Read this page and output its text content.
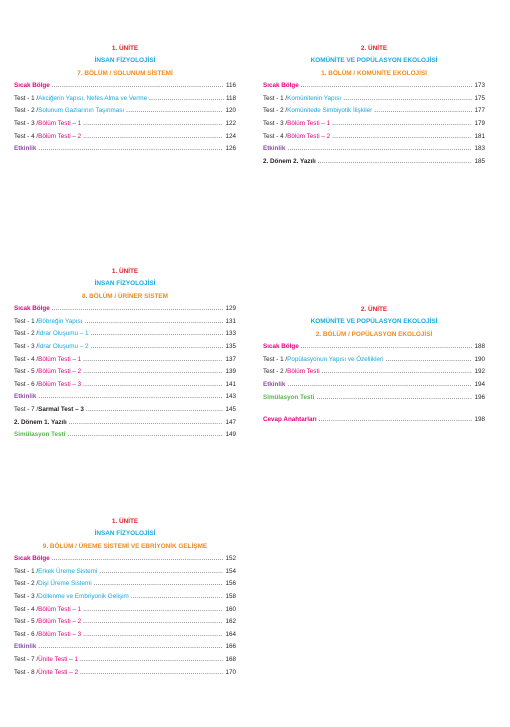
1. ÜNİTE
İNSAN FİZYOLOJİSİ
7. BÖLÜM / SOLUNUM SİSTEMİ
Sıcak Bölge .....	116
Test - 1 / Akciğerin Yapısı, Nefes Alma ve Verme .....	118
Test - 2 / Solunum Gazlarının Taşınması .....	120
Test - 3 / Bölüm Testi – 1 .....	122
Test - 4 / Bölüm Testi – 2 .....	124
Etkinlik .....	126
2. ÜNİTE
KOMÜNİTE VE POPÜLASYON EKOLOJİSİ
1. BÖLÜM / KOMÜNİTE EKOLOJİSİ
Sıcak Bölge .....	173
Test - 1 / Komünitenin Yapısı .....	175
Test - 2 / Komünitede Simbiyotik İlişkiler .....	177
Test - 3 / Bölüm Testi – 1 .....	179
Test - 4 / Bölüm Testi – 2 .....	181
Etkinlik .....	183
2. Dönem 2. Yazılı .....	185
1. ÜNİTE
İNSAN FİZYOLOJİSİ
8. BÖLÜM / ÜRİNER SİSTEM
Sıcak Bölge .....	129
Test - 1 / Böbreğin Yapısı .....	131
Test - 2 / İdrar Oluşumu – 1 .....	133
Test - 3 / İdrar Oluşumu – 2 .....	135
Test - 4 / Bölüm Testi – 1 .....	137
Test - 5 / Bölüm Testi – 2 .....	139
Test - 6 / Bölüm Testi – 3 .....	141
Etkinlik .....	143
Test - 7 / Sarmal Test – 3 .....	145
2. Dönem 1. Yazılı .....	147
Simülasyon Testi .....	149
2. ÜNİTE
KOMÜNİTE VE POPÜLASYON EKOLOJİSİ
2. BÖLÜM / POPÜLASYON EKOLOJİSİ
Sıcak Bölge .....	188
Test - 1 / Popülasyonun Yapısı ve Özellikleri .....	190
Test - 2 / Bölüm Testi .....	192
Etkinlik .....	194
Simülasyon Testi .....	196
Cevap Anahtarları .....	198
1. ÜNİTE
İNSAN FİZYOLOJİSİ
9. BÖLÜM / ÜREME SİSTEMİ VE EBRİYONİK GELİŞME
Sıcak Bölge .....	152
Test - 1 / Erkek Üreme Sistemi .....	154
Test - 2 / Dişi Üreme Sistemi .....	156
Test - 3 / Döllenme ve Embriyonik Gelişim .....	158
Test - 4 / Bölüm Testi – 1 .....	160
Test - 5 / Bölüm Testi – 2 .....	162
Test - 6 / Bölüm Testi – 3 .....	164
Etkinlik .....	166
Test - 7 / Ünite Testi – 1 .....	168
Test - 8 / Ünite Testi – 2 .....	170
